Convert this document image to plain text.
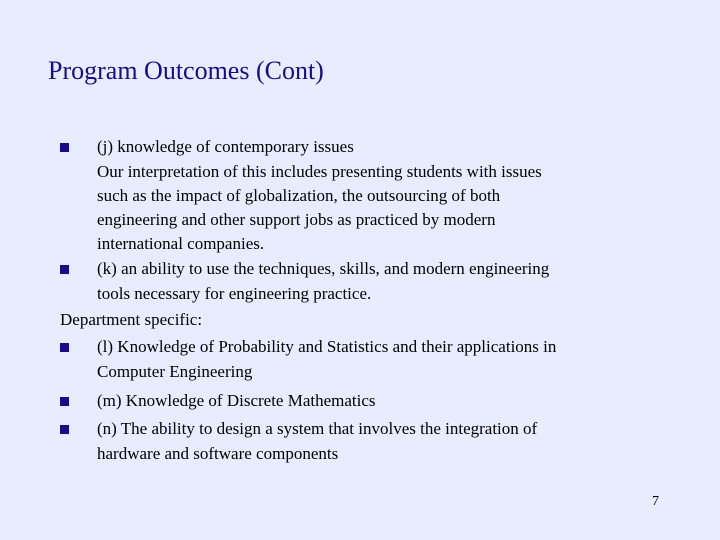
Program Outcomes (Cont)
(j) knowledge of contemporary issues
Our interpretation of this includes presenting students with issues
such as the impact of globalization, the outsourcing of both
engineering and other support jobs as practiced by modern
international companies.
(k) an ability to use the techniques, skills, and modern engineering
tools necessary for engineering practice.
Department specific:
(l) Knowledge of Probability and Statistics and their applications in
Computer Engineering
(m) Knowledge of Discrete Mathematics
(n) The ability to design a system that involves the integration of
hardware and software components
7
